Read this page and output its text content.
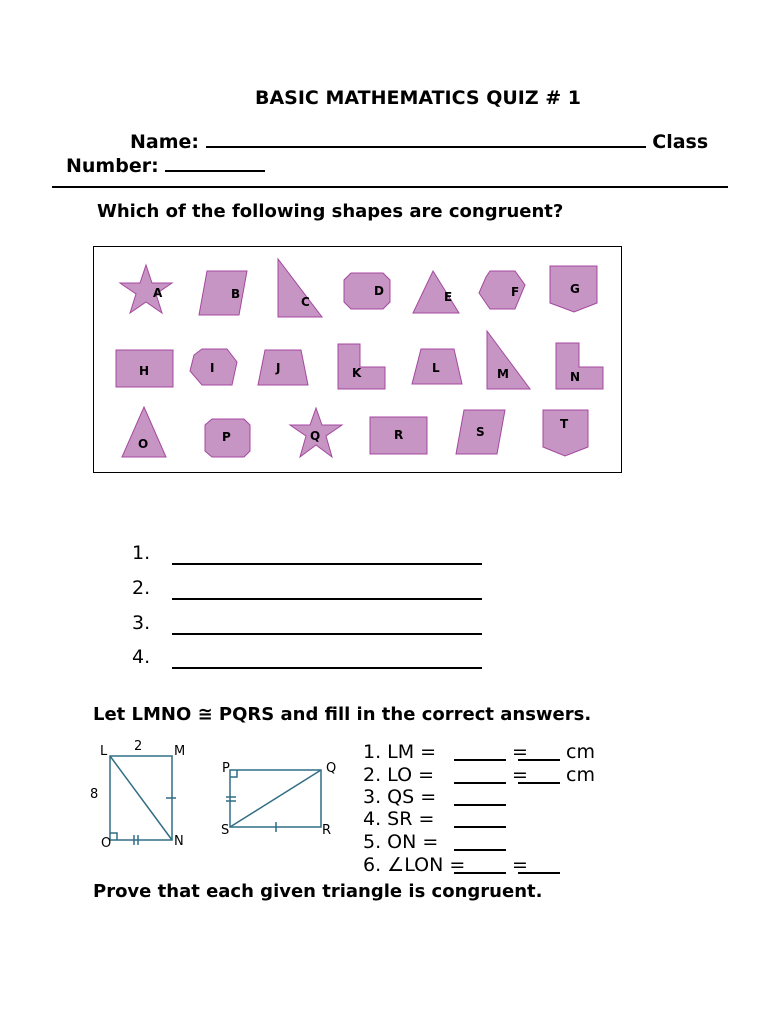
BASIC MATHEMATICS QUIZ # 1
Name:	Class
Number:
Which of the following shapes are congruent?
A	B
C
D	E	F	G
H	I	J	K	L	M	N
O	P	Q	R	S
T
1.
2.
3.
4.
Let LMNO ≅ PQRS and fill in the correct answers.
L	M
N
O
2
8
P	Q
R
S
1. LM =	= cm
2. LO =	= cm
3. QS =
4. SR =
5. ON =
6. ∠LON = =
Prove that each given triangle is congruent.
